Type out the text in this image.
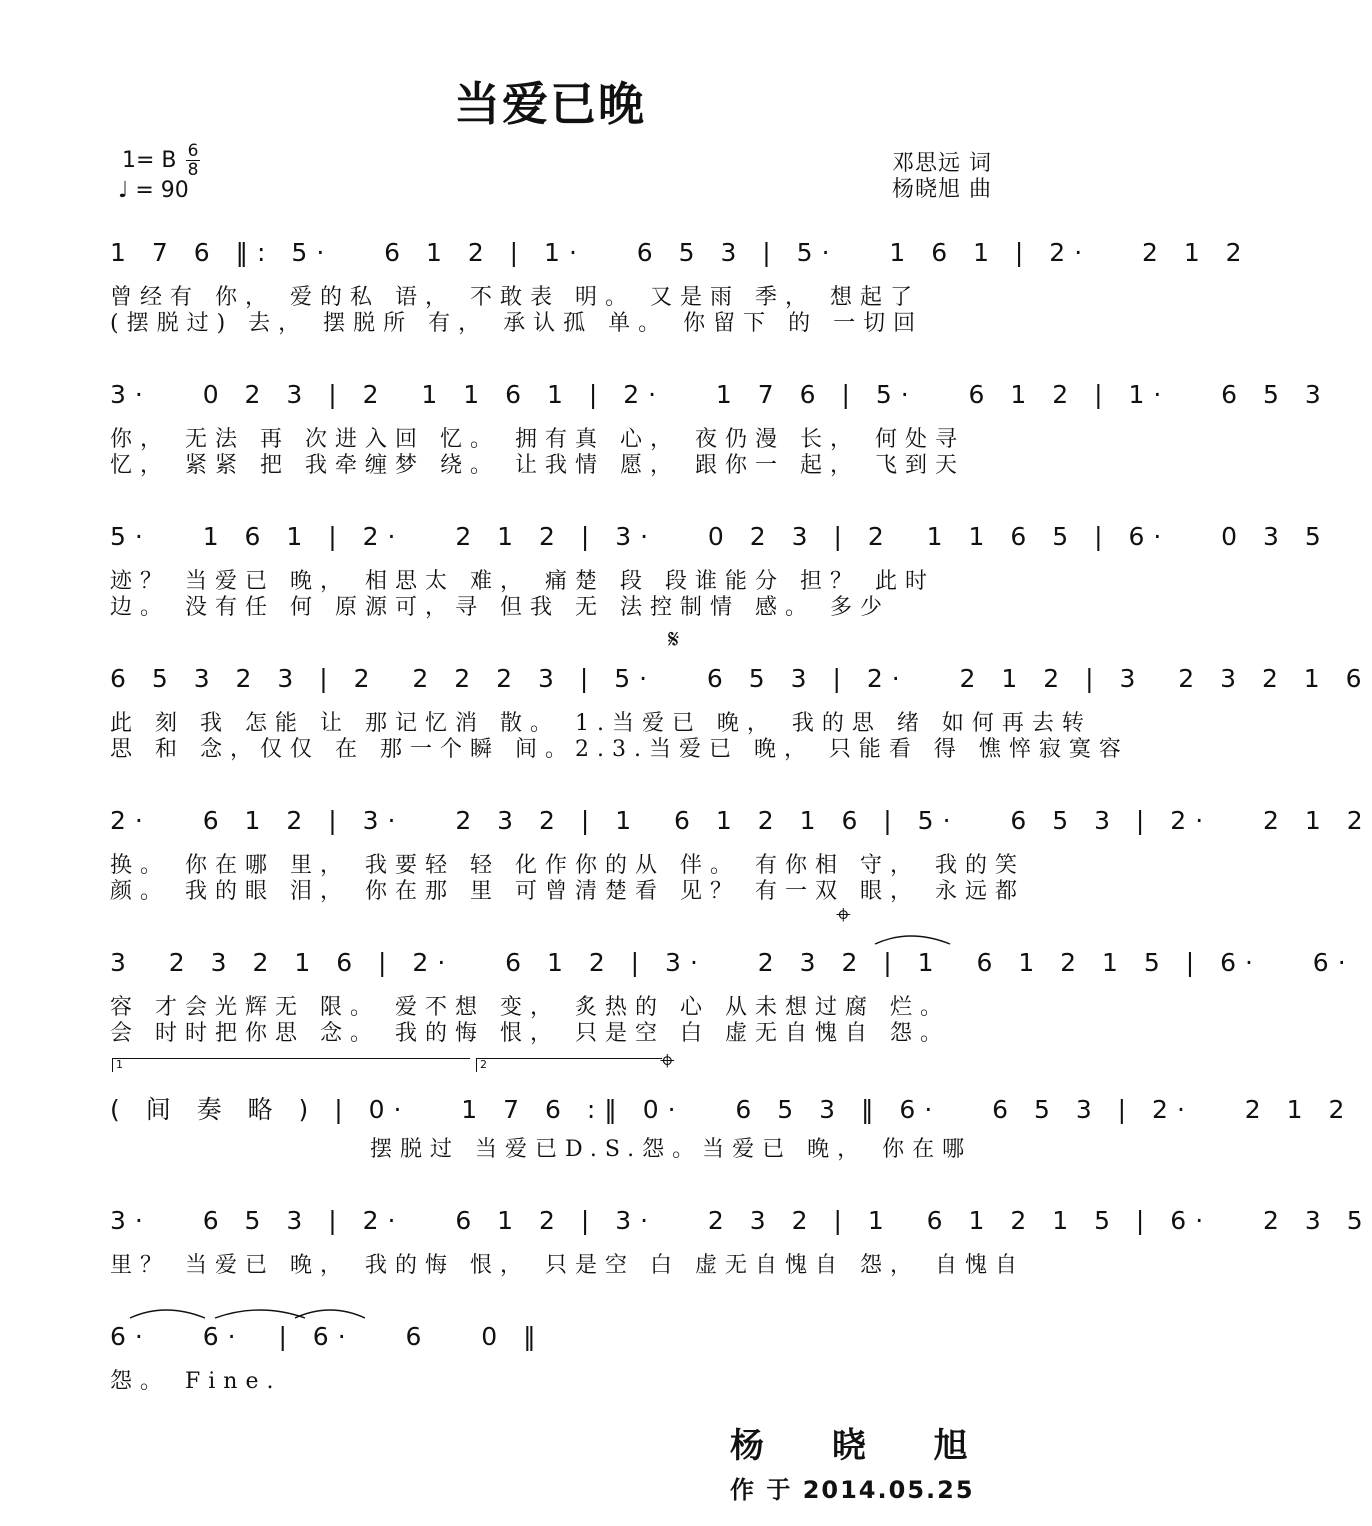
当爱已晚
1= B 6
8
♩ = 90
邓思远 词
杨晓旭 曲
1 7 6 ‖: 5·   6 1 2 | 1·   6 5 3 | 5·   1 6 1 | 2·   2 1 2
曾经有 你， 爱的私 语， 不敢表 明。 又是雨 季， 想起了
(摆脱过) 去， 摆脱所 有， 承认孤 单。 你留下 的 一切回
3·   0 2 3 | 2  1 1 6 1 | 2·   1 7 6 | 5·   6 1 2 | 1·   6 5 3
你， 无法 再 次进入回 忆。 拥有真 心， 夜仍漫 长， 何处寻
忆， 紧紧 把 我牵缠梦 绕。 让我情 愿， 跟你一 起， 飞到天
5·   1 6 1 | 2·   2 1 2 | 3·   0 2 3 | 2  1 1 6 5 | 6·   0 3 5
迹？ 当爱已 晚， 相思太 难， 痛楚 段 段谁能分 担？ 此时
边。 没有任 何 原源可，寻 但我 无 法控制情 感。 多少
𝄋
6 5 3 2 3 | 2  2 2 2 3 | 5·   6 5 3 | 2·   2 1 2 | 3  2 3 2 1 6
此 刻 我 怎能 让 那记忆消 散。 1.当爱已 晚， 我的思 绪 如何再去转
思 和 念，仅仅 在 那一个瞬 间。2.3.当爱已 晚， 只能看 得 憔悴寂寞容
2·   6 1 2 | 3·   2 3 2 | 1  6 1 2 1 6 | 5·   6 5 3 | 2·   2 1 2
换。 你在哪 里， 我要轻 轻 化作你的从 伴。 有你相 守， 我的笑
颜。 我的眼 泪， 你在那 里 可曾清楚看 见？ 有一双 眼， 永远都
⌖
3  2 3 2 1 6 | 2·   6 1 2 | 3·   2 3 2 | 1  6 1 2 1 5 | 6·   6·
容 才会光辉无 限。 爱不想 变， 炙热的 心 从未想过腐 烂。
会 时时把你思 念。 我的悔 恨， 只是空 白 虚无自愧自 怨。
1	2	⌖
( 间 奏 略 ) | 0·   1 7 6 :‖ 0·   6 5 3 ‖ 6·   6 5 3 | 2·   2 1 2
摆脱过 当爱已D.S.怨。当爱已 晚， 你在哪
3·   6 5 3 | 2·   6 1 2 | 3·   2 3 2 | 1  6 1 2 1 5 | 6·   2 3 5
里？ 当爱已 晚， 我的悔 恨， 只是空 白 虚无自愧自 怨， 自愧自
6·   6·  | 6·   6   0 ‖
怨。 Fine.
杨 晓 旭
作 于 2014.05.25
